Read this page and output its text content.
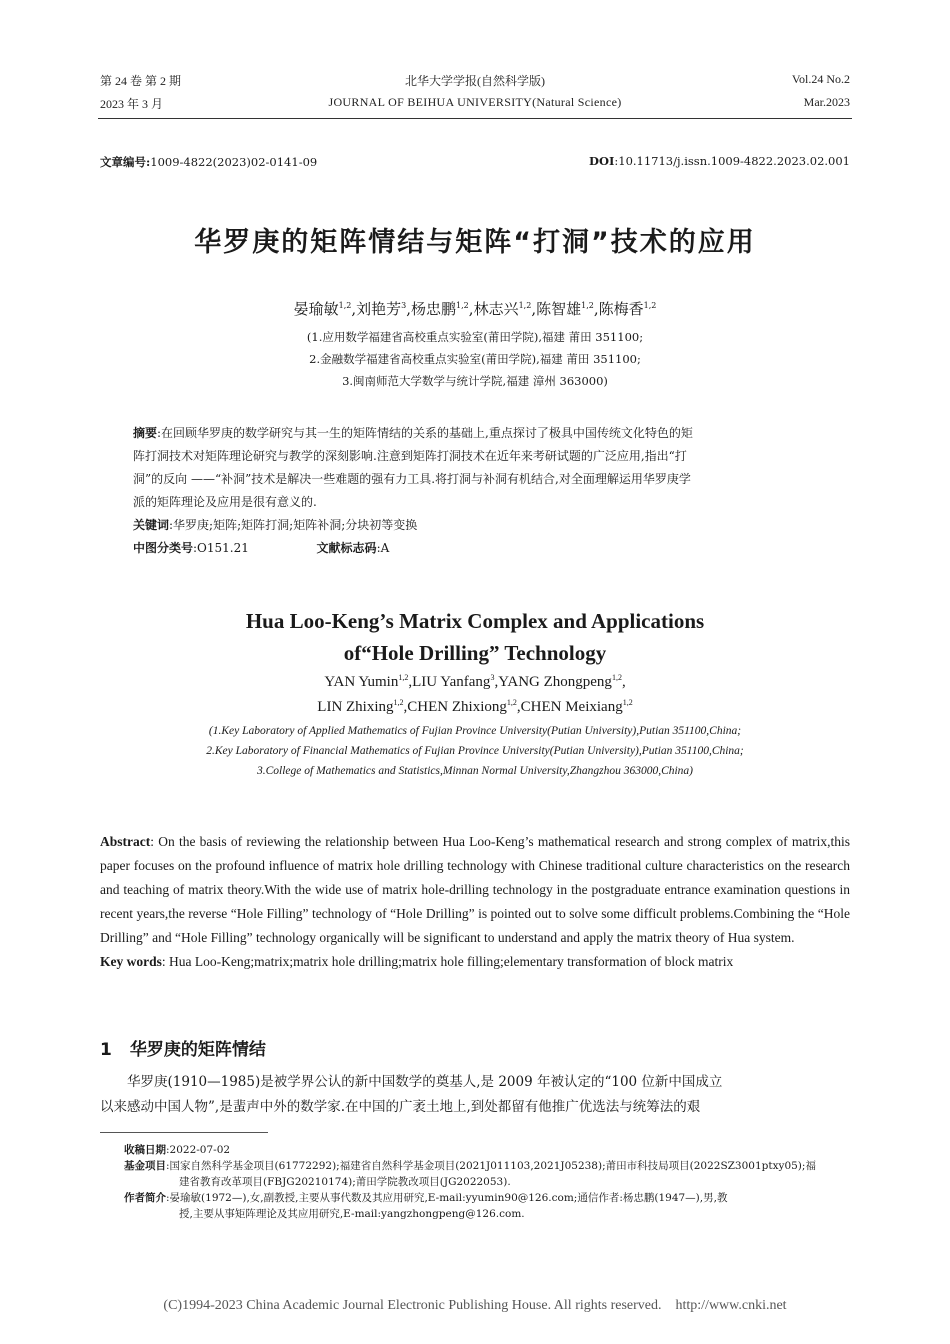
第 24 卷 第 2 期
2023 年 3 月
北华大学学报(自然科学版)
JOURNAL OF BEIHUA UNIVERSITY(Natural Science)
Vol.24 No.2
Mar.2023
文章编号:1009-4822(2023)02-0141-09	DOI:10.11713/j.issn.1009-4822.2023.02.001
华罗庚的矩阵情结与矩阵“打洞”技术的应用
晏瑜敏$^{1,2}$,刘艳芳$^3$,杨忠鹏$^{1,2}$,林志兴$^{1,2}$,陈智雄$^{1,2}$,陈梅香$^{1,2}$
(1.应用数学福建省高校重点实验室(莆田学院),福建 莆田 351100;
2.金融数学福建省高校重点实验室(莆田学院),福建 莆田 351100;
3.闽南师范大学数学与统计学院,福建 漳州 363000)
摘要:在回顾华罗庚的数学研究与其一生的矩阵情结的关系的基础上,重点探讨了极具中国传统文化特色的矩
阵打洞技术对矩阵理论研究与教学的深刻影响.注意到矩阵打洞技术在近年来考研试题的广泛应用,指出“打
洞”的反向 ——“补洞”技术是解决一些难题的强有力工具.将打洞与补洞有机结合,对全面理解运用华罗庚学
派的矩阵理论及应用是很有意义的.
关键词:华罗庚;矩阵;矩阵打洞;矩阵补洞;分块初等变换
中图分类号:O151.21	文献标志码:A
Hua Loo-Keng’s Matrix Complex and Applications
of“Hole Drilling” Technology
YAN Yumin$^{1,2}$,LIU Yanfang$^3$,YANG Zhongpeng$^{1,2}$,
LIN Zhixing$^{1,2}$,CHEN Zhixiong$^{1,2}$,CHEN Meixiang$^{1,2}$
(1.Key Laboratory of Applied Mathematics of Fujian Province University(Putian University),Putian 351100,China;
2.Key Laboratory of Financial Mathematics of Fujian Province University(Putian University),Putian 351100,China;
3.College of Mathematics and Statistics,Minnan Normal University,Zhangzhou 363000,China)
Abstract: On the basis of reviewing the relationship between Hua Loo-Keng’s mathematical research and strong complex of matrix,this paper focuses on the profound influence of matrix hole drilling technology with Chinese traditional culture characteristics on the research and teaching of matrix theory.With the wide use of matrix hole-drilling technology in the postgraduate entrance examination questions in recent years,the reverse “Hole Filling” technology of “Hole Drilling” is pointed out to solve some difficult problems.Combining the “Hole Drilling” and “Hole Filling” technology organically will be significant to understand and apply the matrix theory of Hua system.
Key words: Hua Loo-Keng;matrix;matrix hole drilling;matrix hole filling;elementary transformation of block matrix
1 华罗庚的矩阵情结
华罗庚(1910—1985)是被学界公认的新中国数学的奠基人,是 2009 年被认定的“100 位新中国成立
以来感动中国人物”,是蜚声中外的数学家.在中国的广袤土地上,到处都留有他推广优选法与统筹法的艰
收稿日期:2022-07-02
基金项目:国家自然科学基金项目(61772292);福建省自然科学基金项目(2021J011103,2021J05238);莆田市科技局项目(2022SZ3001ptxy05);福
建省教育改革项目(FBJG20210174);莆田学院教改项目(JG2022053).
作者简介:晏瑜敏(1972—),女,副教授,主要从事代数及其应用研究,E-mail:yyumin90@126.com;通信作者:杨忠鹏(1947—),男,教
授,主要从事矩阵理论及其应用研究,E-mail:yangzhongpeng@126.com.
(C)1994-2023 China Academic Journal Electronic Publishing House. All rights reserved.    http://www.cnki.net
